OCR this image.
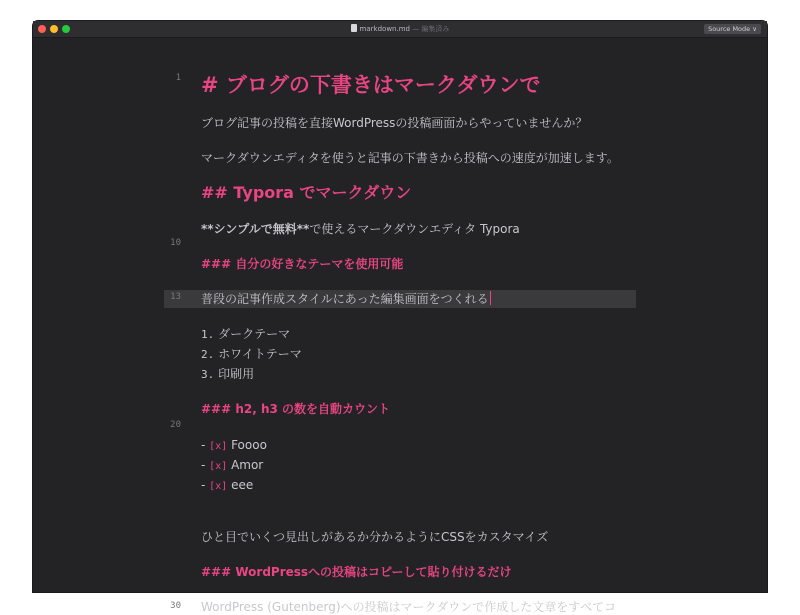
markdown.md — 編集済み	Source Mode ∨
1
10
13
20
30
# ブログの下書きはマークダウンで
ブログ記事の投稿を直接WordPressの投稿画面からやっていませんか？
マークダウンエディタを使うと記事の下書きから投稿への速度が加速します。
## Typora でマークダウン
**シンプルで無料**で使えるマークダウンエディタ Typora
### 自分の好きなテーマを使用可能
普段の記事作成スタイルにあった編集画面をつくれる
1. ダークテーマ
2. ホワイトテーマ
3. 印刷用
### h2, h3 の数を自動カウント
- [x] Foooo
- [x] Amor
- [x] eee
ひと目でいくつ見出しがあるか分かるようにCSSをカスタマイズ
### WordPressへの投稿はコピーして貼り付けるだけ
WordPress (Gutenberg)への投稿はマークダウンで作成した文章をすべてコ
